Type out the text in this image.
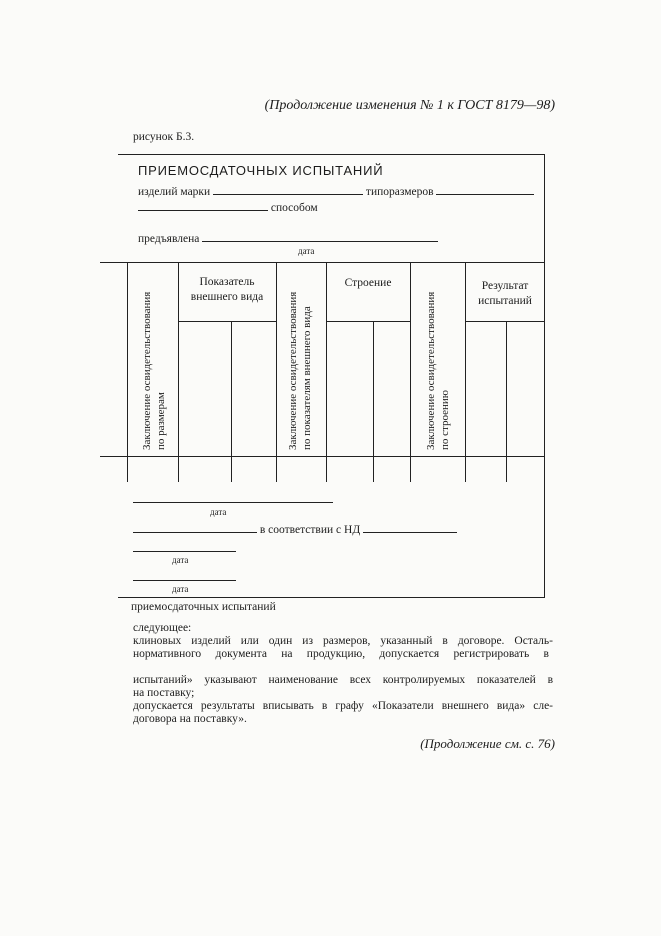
(Продолжение изменения № 1 к ГОСТ 8179—98)
рисунок Б.3.
ПРИЕМОСДАТОЧНЫХ ИСПЫТАНИЙ
изделий марки	типоразмеров
способом
предъявлена
дата
Заключение освидетельствования по размерам
Показатель
внешнего вида	Заключение освидетельствования по показателям внешнего вида
Строение
Заключение освидетельствования по строению
Результат
испытаний
дата
в соответствии с НД
дата
дата
приемосдаточных испытаний
следующее:
клиновых изделий или один из размеров, указанный в договоре. Осталь-
нормативного документа на продукцию, допускается регистрировать в
испытаний» указывают наименование всех контролируемых показателей в
на поставку;
допускается результаты вписывать в графу «Показатели внешнего вида» сле-
договора на поставку».
(Продолжение см. с. 76)
